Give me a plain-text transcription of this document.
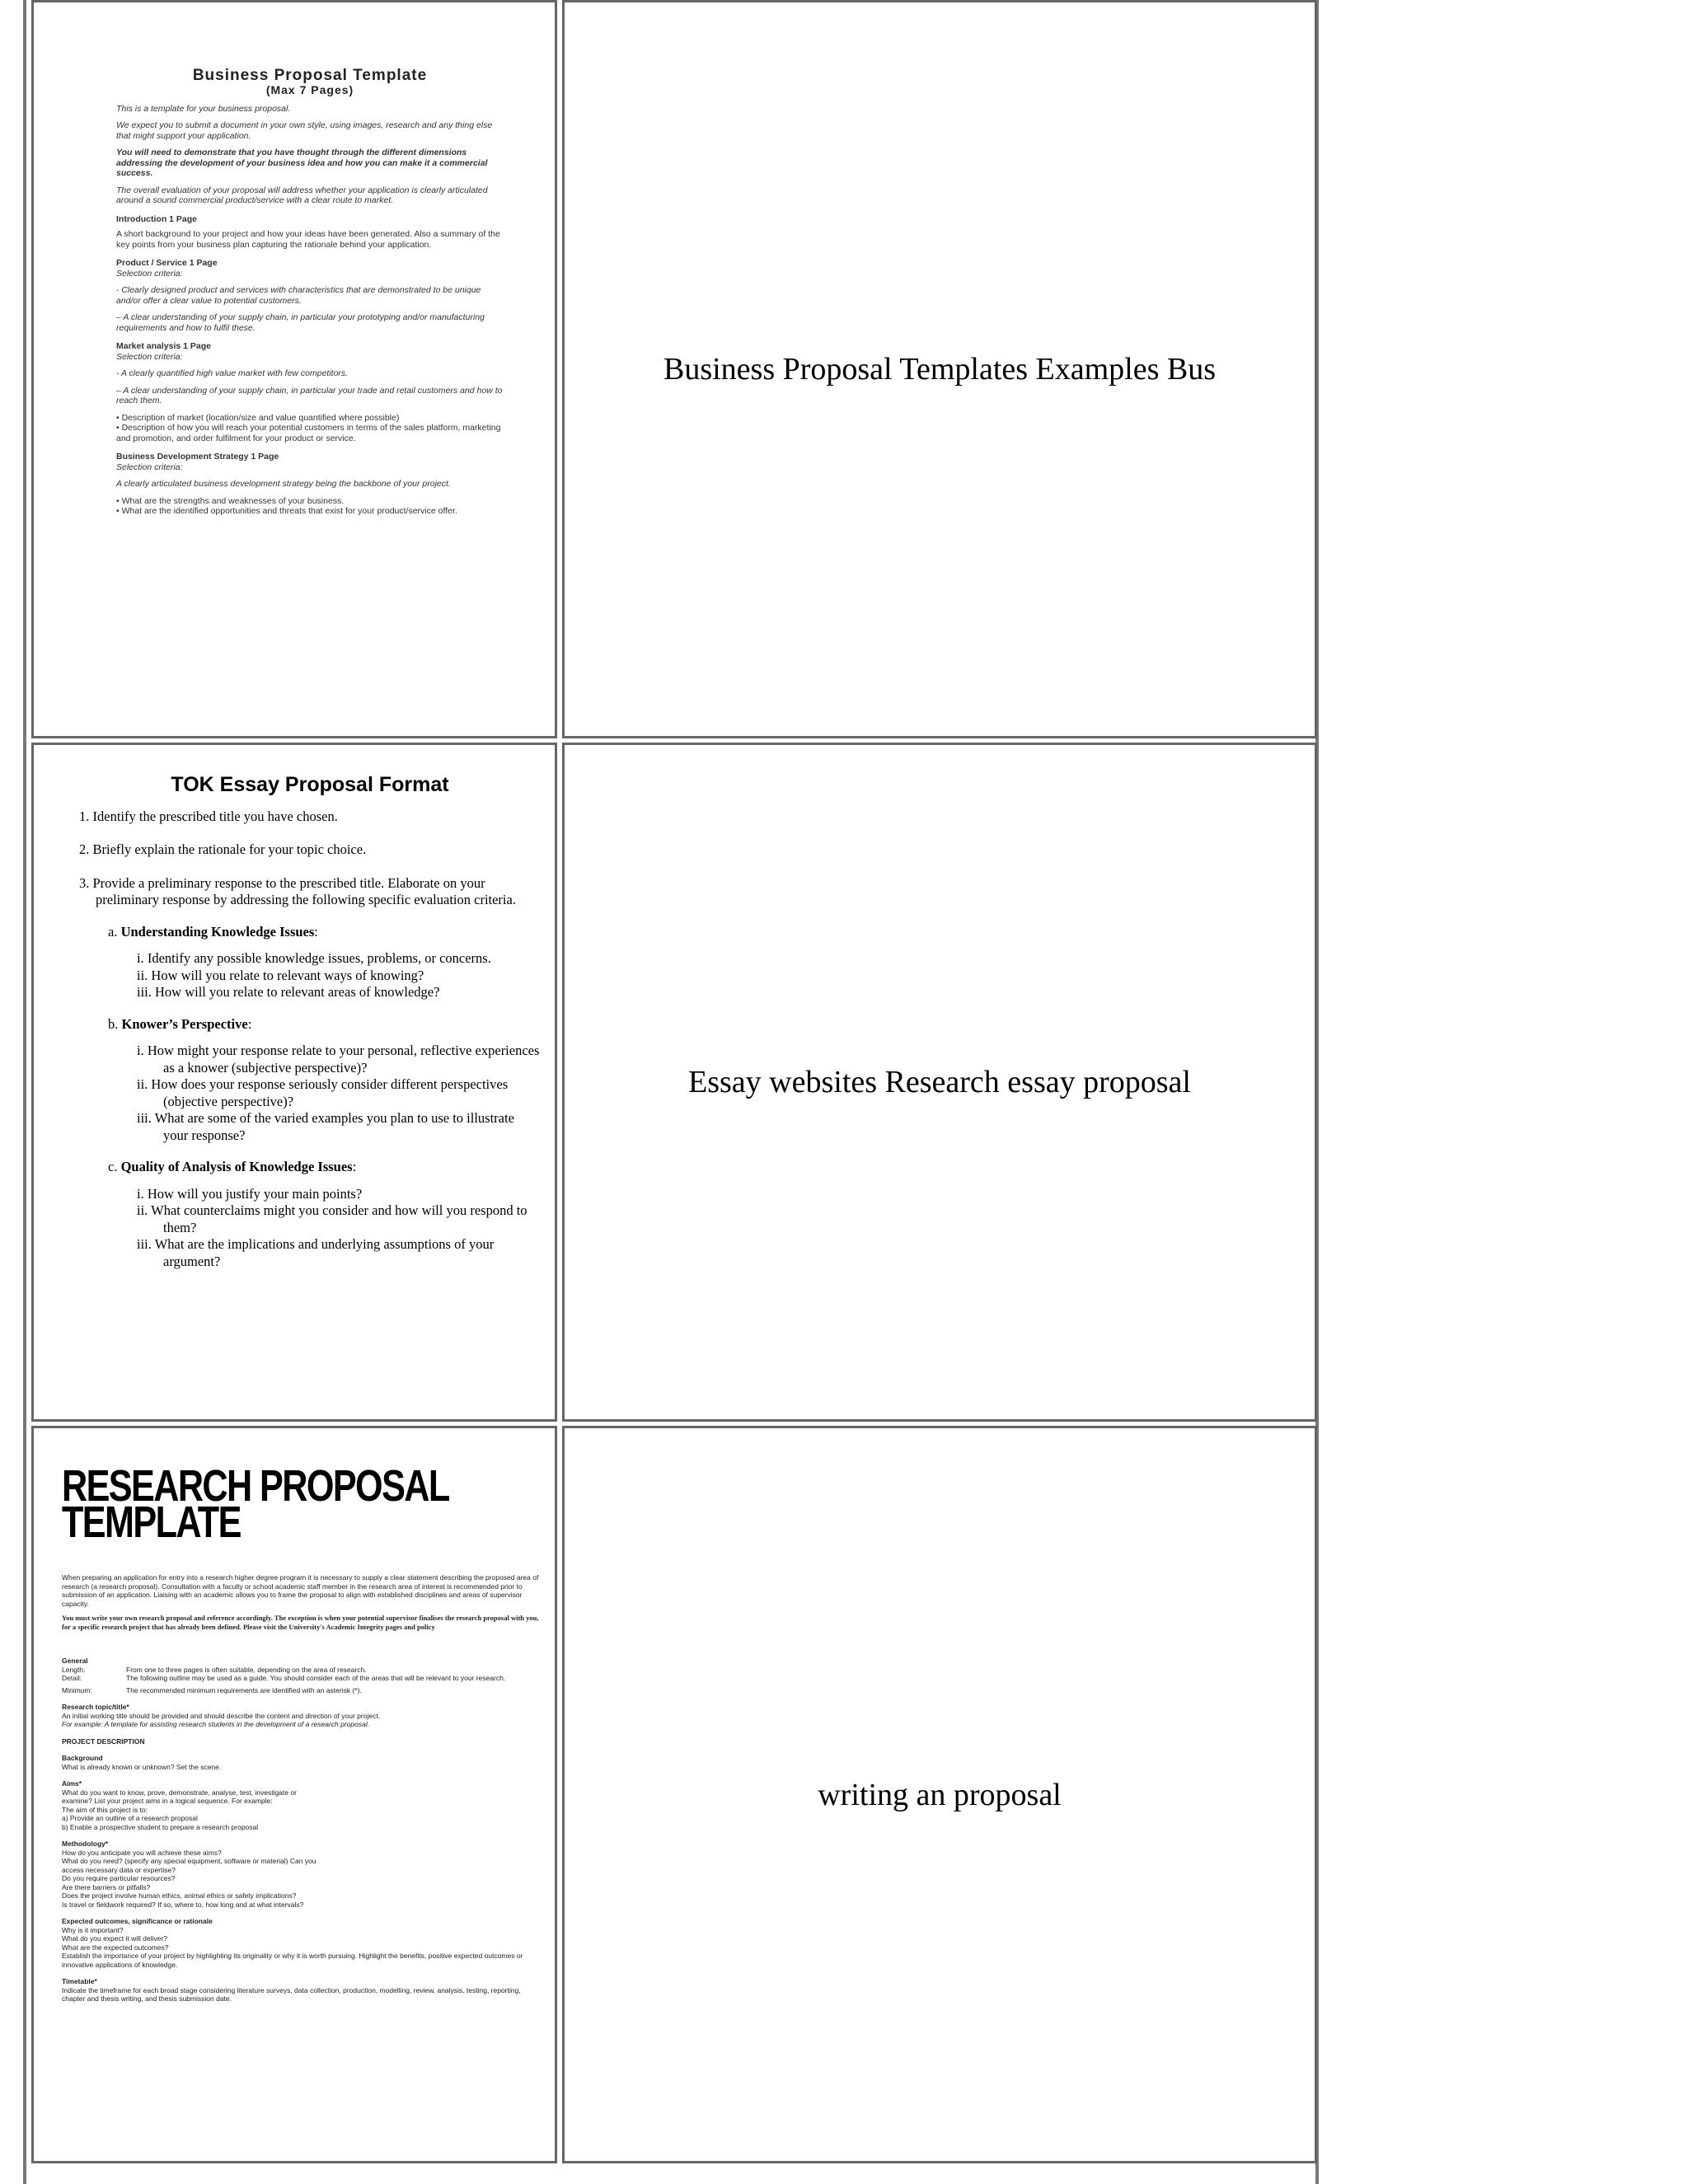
Business Proposal Template
(Max 7 Pages)

This is a template for your business proposal.

We expect you to submit a document in your own style, using images, research and any thing else that might support your application.

You will need to demonstrate that you have thought through the different dimensions addressing the development of your business idea and how you can make it a commercial success.

The overall evaluation of your proposal will address whether your application is clearly articulated around a sound commercial product/service with a clear route to market.

Introduction 1 Page

A short background to your project and how your ideas have been generated. Also a summary of the key points from your business plan capturing the rationale behind your application.

Product / Service 1 Page
Selection criteria:

- Clearly designed product and services with characteristics that are demonstrated to be unique and/or offer a clear value to potential customers.

– A clear understanding of your supply chain, in particular your prototyping and/or manufacturing requirements and how to fulfil these.

Market analysis 1 Page
Selection criteria:

- A clearly quantified high value market with few competitors.

– A clear understanding of your supply chain, in particular your trade and retail customers and how to reach them.

• Description of market (location/size and value quantified where possible)

• Description of how you will reach your potential customers in terms of the sales platform, marketing and promotion, and order fulfilment for your product or service.

Business Development Strategy 1 Page
Selection criteria:

A clearly articulated business development strategy being the backbone of your project.

• What are the strengths and weaknesses of your business.

• What are the identified opportunities and threats that exist for your product/service offer.

Business Proposal Templates Examples Bus
TOK Essay Proposal Format
1. Identify the prescribed title you have chosen.
2. Briefly explain the rationale for your topic choice.
3. Provide a preliminary response to the prescribed title. Elaborate on your preliminary response by addressing the following specific evaluation criteria.
a. Understanding Knowledge Issues:
i. Identify any possible knowledge issues, problems, or concerns.
ii. How will you relate to relevant ways of knowing?
iii. How will you relate to relevant areas of knowledge?
b. Knower’s Perspective:
i. How might your response relate to your personal, reflective experiences as a knower (subjective perspective)?
ii. How does your response seriously consider different perspectives (objective perspective)?
iii. What are some of the varied examples you plan to use to illustrate your response?
c. Quality of Analysis of Knowledge Issues:
i. How will you justify your main points?
ii. What counterclaims might you consider and how will you respond to them?
iii. What are the implications and underlying assumptions of your argument?
Essay websites Research essay proposal
RESEARCH PROPOSAL
TEMPLATE

When preparing an application for entry into a research higher degree program it is necessary to supply a clear statement describing the proposed area of research (a research proposal). Consultation with a faculty or school academic staff member in the research area of interest is recommended prior to submission of an application. Liaising with an academic allows you to frame the proposal to align with established disciplines and areas of supervisor capacity.

You must write your own research proposal and reference accordingly. The exception is when your potential supervisor finalises the research proposal with you, for a specific research project that has already been defined. Please visit the University's Academic Integrity pages and policy

General
Length:	From one to three pages is often suitable, depending on the area of research.
Detail:	The following outline may be used as a guide. You should consider each of the areas that will be relevant to your research.
Minimum:	The recommended minimum requirements are identified with an asterisk (*).
Research topic/title*
An initial working title should be provided and should describe the content and direction of your project.
For example: A template for assisting research students in the development of a research proposal.
PROJECT DESCRIPTION
Background
What is already known or unknown? Set the scene.
Aims*
What do you want to know, prove, demonstrate, analyse, test, investigate or examine? List your project aims in a logical sequence. For example:
The aim of this project is to:
a) Provide an outline of a research proposal
b) Enable a prospective student to prepare a research proposal
Methodology*
How do you anticipate you will achieve these aims?
What do you need? (specify any special equipment, software or material) Can you access necessary data or expertise?
Do you require particular resources?
Are there barriers or pitfalls?
Does the project involve human ethics, animal ethics or safety implications?
Is travel or fieldwork required? If so, where to, how long and at what intervals?
Expected outcomes, significance or rationale
Why is it important?
What do you expect it will deliver?
What are the expected outcomes?
Establish the importance of your project by highlighting its originality or why it is worth pursuing. Highlight the benefits, positive expected outcomes or innovative applications of knowledge.
Timetable*
Indicate the timeframe for each broad stage considering literature surveys, data collection, production, modelling, review, analysis, testing, reporting, chapter and thesis writing, and thesis submission date.
writing an proposal
